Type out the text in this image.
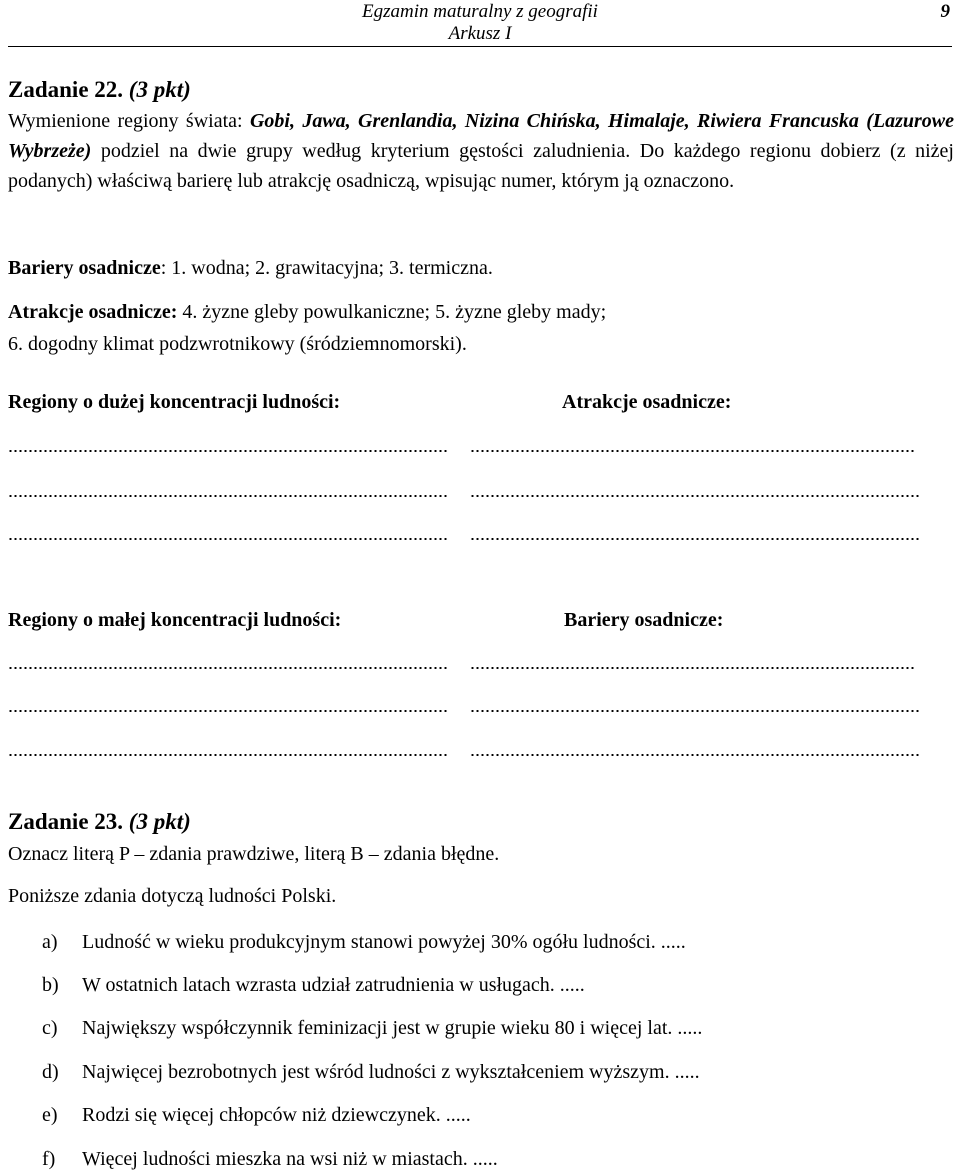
Egzamin maturalny z geografii
Arkusz I
9
Zadanie 22. (3 pkt)
Wymienione regiony świata: Gobi, Jawa, Grenlandia, Nizina Chińska, Himalaje, Riwiera Francuska (Lazurowe Wybrzeże) podziel na dwie grupy według kryterium gęstości zaludnienia. Do każdego regionu dobierz (z niżej podanych) właściwą barierę lub atrakcję osadniczą, wpisując numer, którym ją oznaczono.
Bariery osadnicze: 1. wodna; 2. grawitacyjna; 3. termiczna.
Atrakcje osadnicze: 4. żyzne gleby powulkaniczne; 5. żyzne gleby mady;
6. dogodny klimat podzwrotnikowy (śródziemnomorski).
Regiony o dużej koncentracji ludności:	Atrakcje osadnicze:
Regiony o małej koncentracji ludności:	Bariery osadnicze:
Zadanie 23. (3 pkt)
Oznacz literą P – zdania prawdziwe, literą B – zdania błędne.
Poniższe zdania dotyczą ludności Polski.
a)	Ludność w wieku produkcyjnym stanowi powyżej 30% ogółu ludności. .....
b)	W ostatnich latach wzrasta udział zatrudnienia w usługach. .....
c)	Największy współczynnik feminizacji jest w grupie wieku 80 i więcej lat. .....
d)	Najwięcej bezrobotnych jest wśród ludności z wykształceniem wyższym. .....
e)	Rodzi się więcej chłopców niż dziewczynek. .....
f)	Więcej ludności mieszka na wsi niż w miastach. .....
